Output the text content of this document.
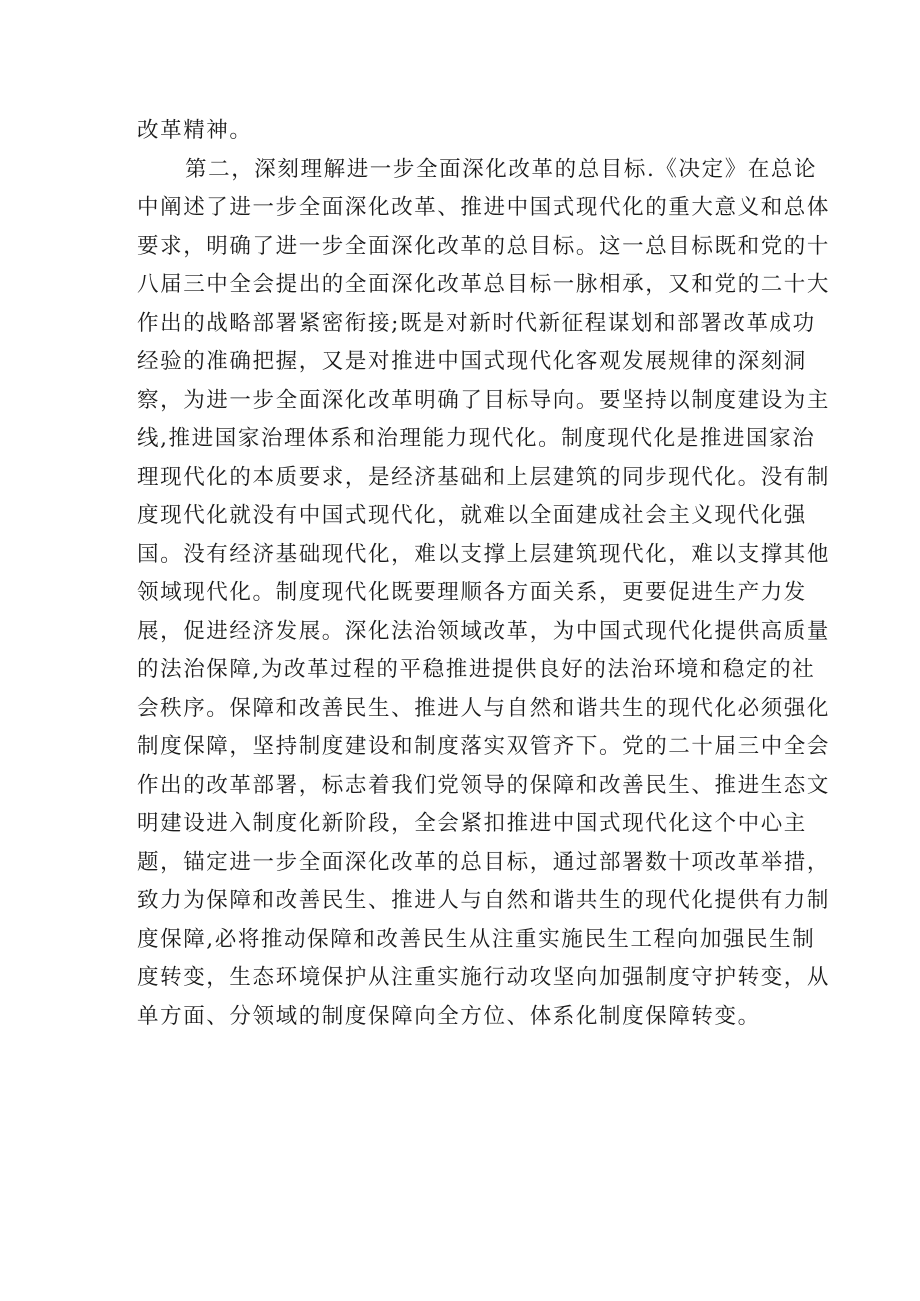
改革精神。
第二，深刻理解进一步全面深化改革的总目标.《决定》在总论
中阐述了进一步全面深化改革、推进中国式现代化的重大意义和总体
要求，明确了进一步全面深化改革的总目标。这一总目标既和党的十
八届三中全会提出的全面深化改革总目标一脉相承，又和党的二十大
作出的战略部署紧密衔接;既是对新时代新征程谋划和部署改革成功
经验的准确把握，又是对推进中国式现代化客观发展规律的深刻洞
察，为进一步全面深化改革明确了目标导向。要坚持以制度建设为主
线,推进国家治理体系和治理能力现代化。制度现代化是推进国家治
理现代化的本质要求，是经济基础和上层建筑的同步现代化。没有制
度现代化就没有中国式现代化，就难以全面建成社会主义现代化强
国。没有经济基础现代化，难以支撑上层建筑现代化，难以支撑其他
领域现代化。制度现代化既要理顺各方面关系，更要促进生产力发
展，促进经济发展。深化法治领域改革，为中国式现代化提供高质量
的法治保障,为改革过程的平稳推进提供良好的法治环境和稳定的社
会秩序。保障和改善民生、推进人与自然和谐共生的现代化必须强化
制度保障，坚持制度建设和制度落实双管齐下。党的二十届三中全会
作出的改革部署，标志着我们党领导的保障和改善民生、推进生态文
明建设进入制度化新阶段，全会紧扣推进中国式现代化这个中心主
题，锚定进一步全面深化改革的总目标，通过部署数十项改革举措，
致力为保障和改善民生、推进人与自然和谐共生的现代化提供有力制
度保障,必将推动保障和改善民生从注重实施民生工程向加强民生制
度转变，生态环境保护从注重实施行动攻坚向加强制度守护转变，从
单方面、分领域的制度保障向全方位、体系化制度保障转变。
